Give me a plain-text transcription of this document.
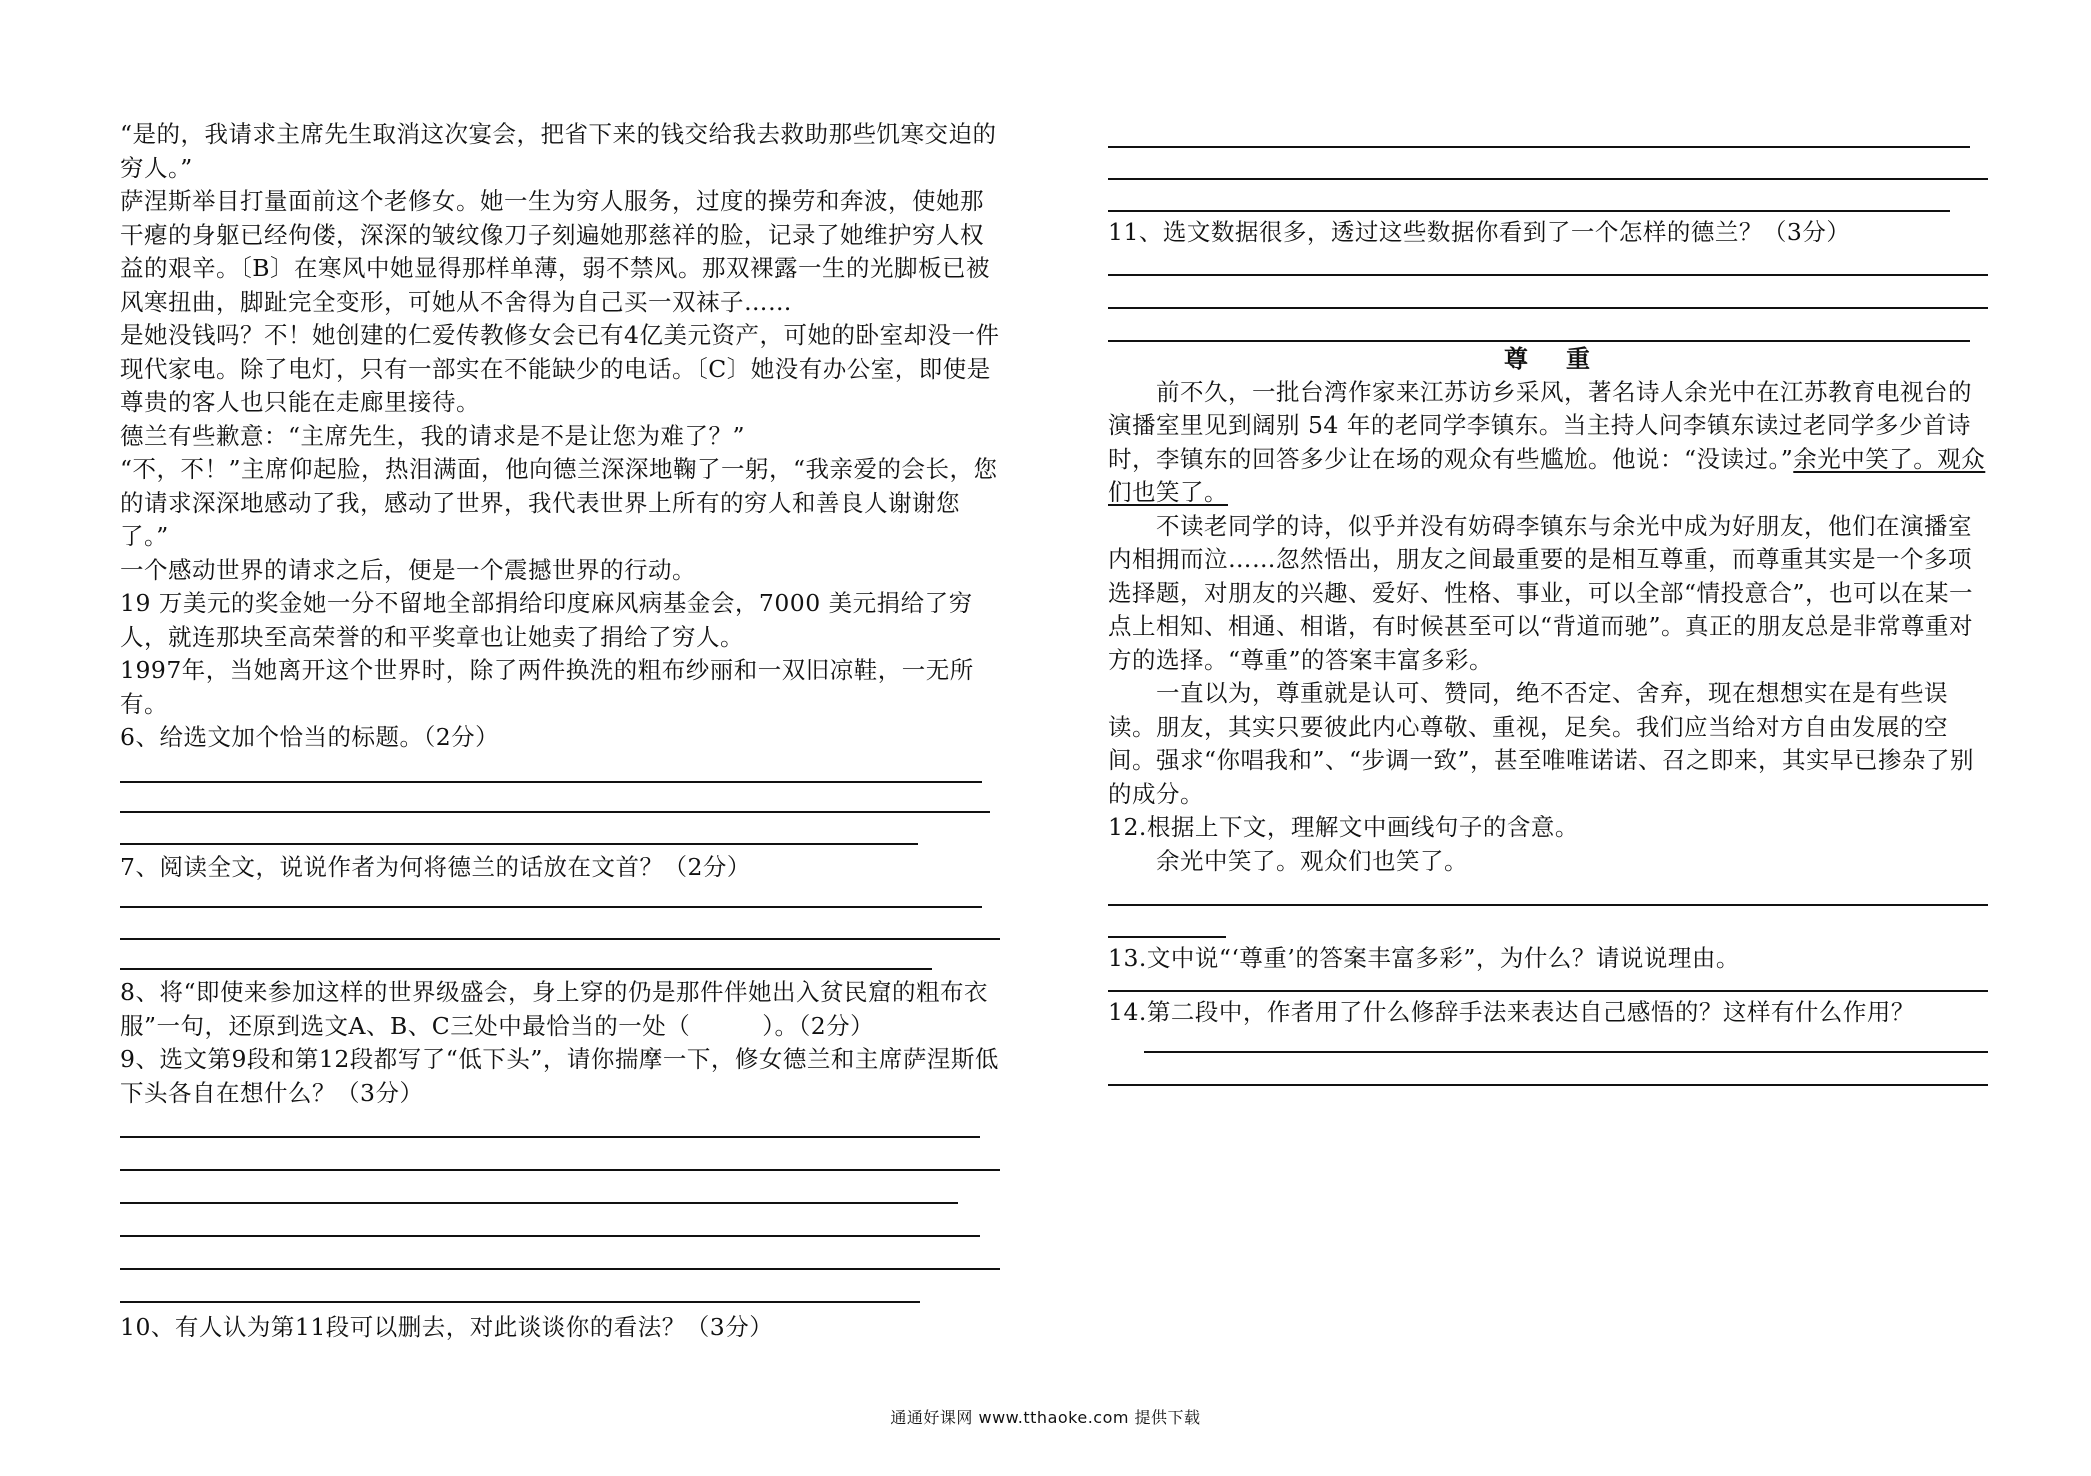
“是的，我请求主席先生取消这次宴会，把省下来的钱交给我去救助那些饥寒交迫的穷人。”

萨涅斯举目打量面前这个老修女。她一生为穷人服务，过度的操劳和奔波，使她那干瘪的身躯已经佝偻，深深的皱纹像刀子刻遍她那慈祥的脸，记录了她维护穷人权益的艰辛。〔B〕在寒风中她显得那样单薄，弱不禁风。那双裸露一生的光脚板已被风寒扭曲，脚趾完全变形，可她从不舍得为自己买一双袜子……

是她没钱吗？不！她创建的仁爱传教修女会已有4亿美元资产，可她的卧室却没一件现代家电。除了电灯，只有一部实在不能缺少的电话。〔C〕她没有办公室，即使是尊贵的客人也只能在走廊里接待。

德兰有些歉意：“主席先生，我的请求是不是让您为难了？”

“不，不！”主席仰起脸，热泪满面，他向德兰深深地鞠了一躬，“我亲爱的会长，您的请求深深地感动了我，感动了世界，我代表世界上所有的穷人和善良人谢谢您了。”

一个感动世界的请求之后，便是一个震撼世界的行动。

19 万美元的奖金她一分不留地全部捐给印度麻风病基金会，7000 美元捐给了穷人，就连那块至高荣誉的和平奖章也让她卖了捐给了穷人。

1997年，当她离开这个世界时，除了两件换洗的粗布纱丽和一双旧凉鞋，一无所有。

6、给选文加个恰当的标题。（2分）

7、阅读全文，说说作者为何将德兰的话放在文首？（2分）

8、将“即使来参加这样的世界级盛会，身上穿的仍是那件伴她出入贫民窟的粗布衣服”一句，还原到选文A、B、C三处中最恰当的一处（　　　）。（2分）

9、选文第9段和第12段都写了“低下头”，请你揣摩一下，修女德兰和主席萨涅斯低下头各自在想什么？（3分）

10、有人认为第11段可以删去，对此谈谈你的看法？（3分）

11、选文数据很多，透过这些数据你看到了一个怎样的德兰？（3分）

尊 重

前不久，一批台湾作家来江苏访乡采风，著名诗人余光中在江苏教育电视台的演播室里见到阔别 54 年的老同学李镇东。当主持人问李镇东读过老同学多少首诗时，李镇东的回答多少让在场的观众有些尴尬。他说：“没读过。”余光中笑了。观众们也笑了。

不读老同学的诗，似乎并没有妨碍李镇东与余光中成为好朋友，他们在演播室内相拥而泣……忽然悟出，朋友之间最重要的是相互尊重，而尊重其实是一个多项选择题，对朋友的兴趣、爱好、性格、事业，可以全部“情投意合”，也可以在某一点上相知、相通、相谐，有时候甚至可以“背道而驰”。真正的朋友总是非常尊重对方的选择。“尊重”的答案丰富多彩。

一直以为，尊重就是认可、赞同，绝不否定、舍弃，现在想想实在是有些误读。朋友，其实只要彼此内心尊敬、重视，足矣。我们应当给对方自由发展的空间。强求“你唱我和”、“步调一致”，甚至唯唯诺诺、召之即来，其实早已掺杂了别的成分。

12.根据上下文，理解文中画线句子的含意。

余光中笑了。观众们也笑了。

13.文中说“‘尊重’的答案丰富多彩”，为什么？请说说理由。

14.第二段中，作者用了什么修辞手法来表达自己感悟的？这样有什么作用？

通通好课网 www.tthaoke.com 提供下载
